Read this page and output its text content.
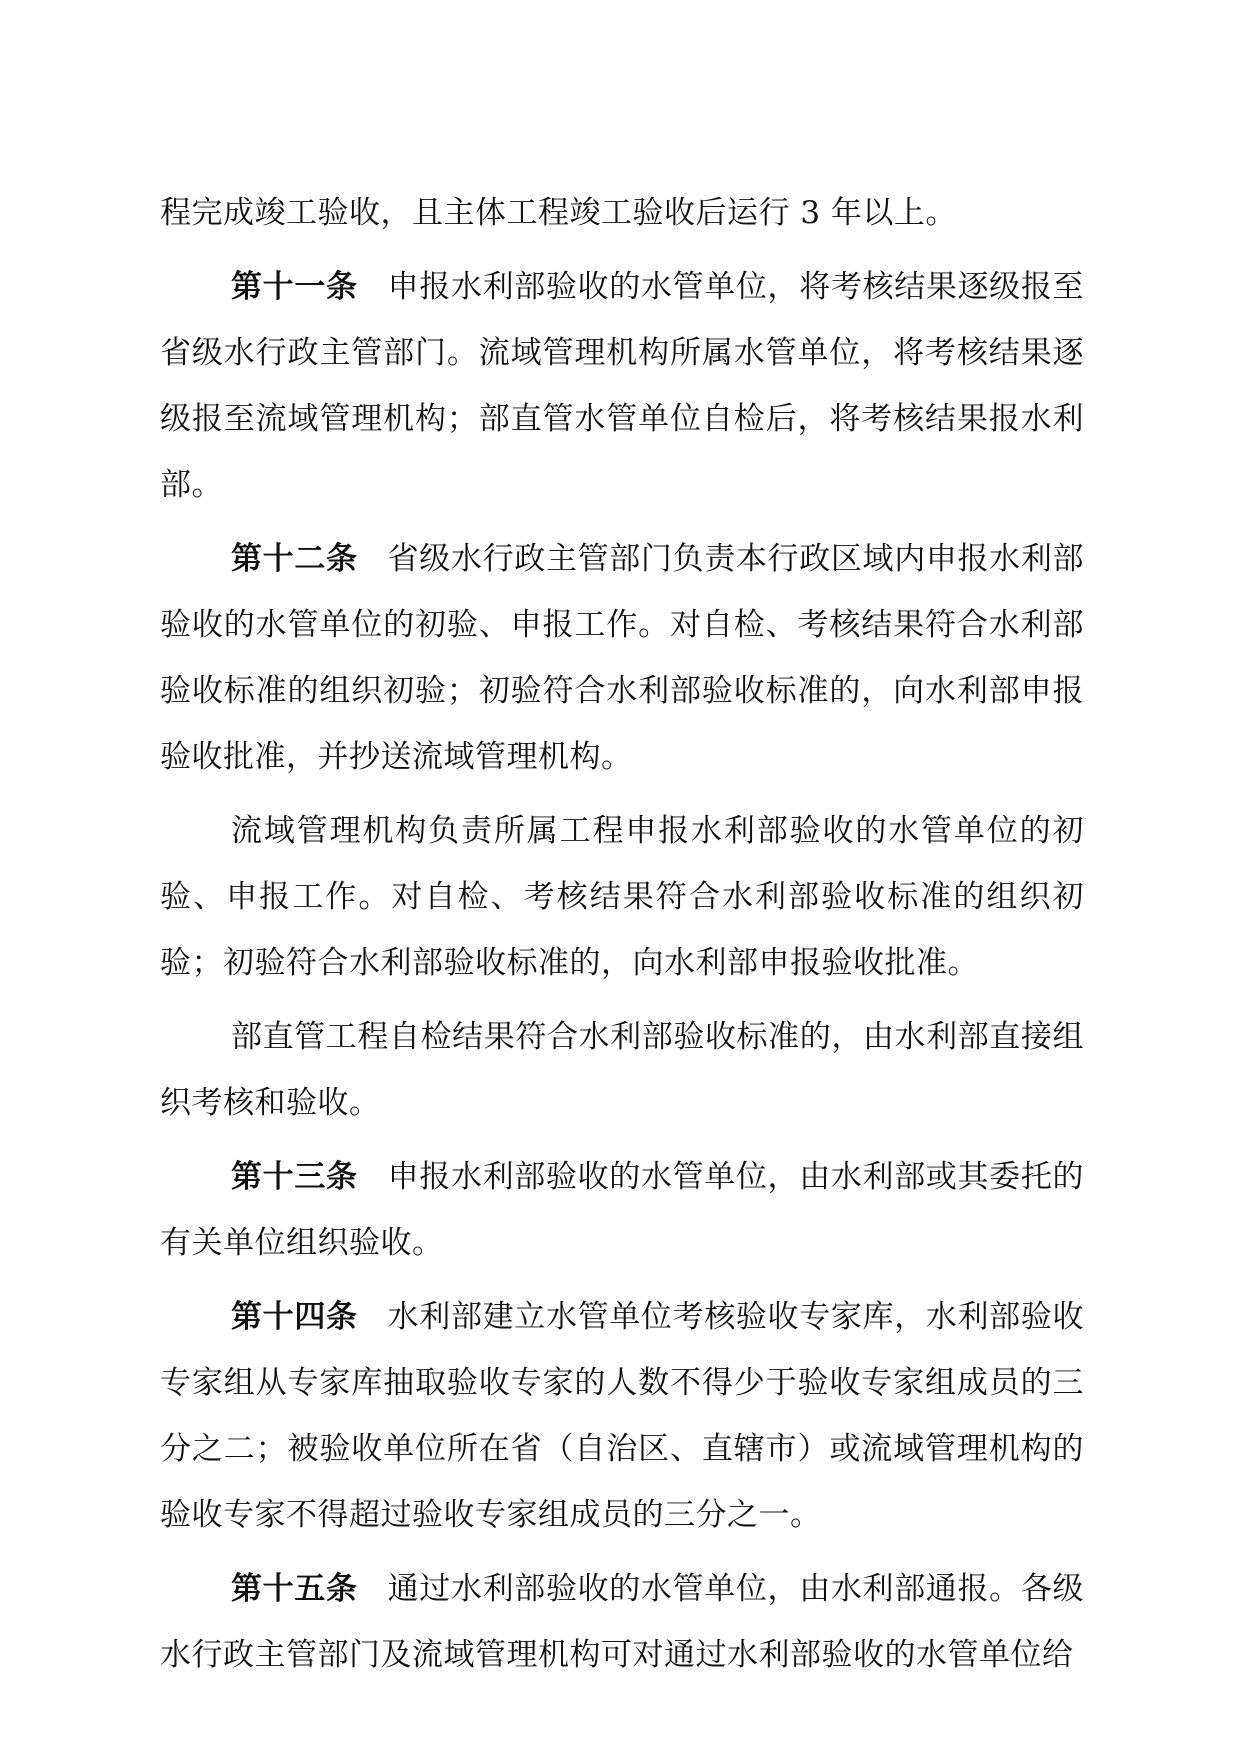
程完成竣工验收，且主体工程竣工验收后运行 3 年以上。

第十一条 申报水利部验收的水管单位，将考核结果逐级报至省级水行政主管部门。流域管理机构所属水管单位，将考核结果逐级报至流域管理机构；部直管水管单位自检后，将考核结果报水利部。

第十二条 省级水行政主管部门负责本行政区域内申报水利部验收的水管单位的初验、申报工作。对自检、考核结果符合水利部验收标准的组织初验；初验符合水利部验收标准的，向水利部申报验收批准，并抄送流域管理机构。

流域管理机构负责所属工程申报水利部验收的水管单位的初验、申报工作。对自检、考核结果符合水利部验收标准的组织初验；初验符合水利部验收标准的，向水利部申报验收批准。

部直管工程自检结果符合水利部验收标准的，由水利部直接组织考核和验收。

第十三条 申报水利部验收的水管单位，由水利部或其委托的有关单位组织验收。

第十四条 水利部建立水管单位考核验收专家库，水利部验收专家组从专家库抽取验收专家的人数不得少于验收专家组成员的三分之二；被验收单位所在省（自治区、直辖市）或流域管理机构的验收专家不得超过验收专家组成员的三分之一。

第十五条 通过水利部验收的水管单位，由水利部通报。各级水行政主管部门及流域管理机构可对通过水利部验收的水管单位给
